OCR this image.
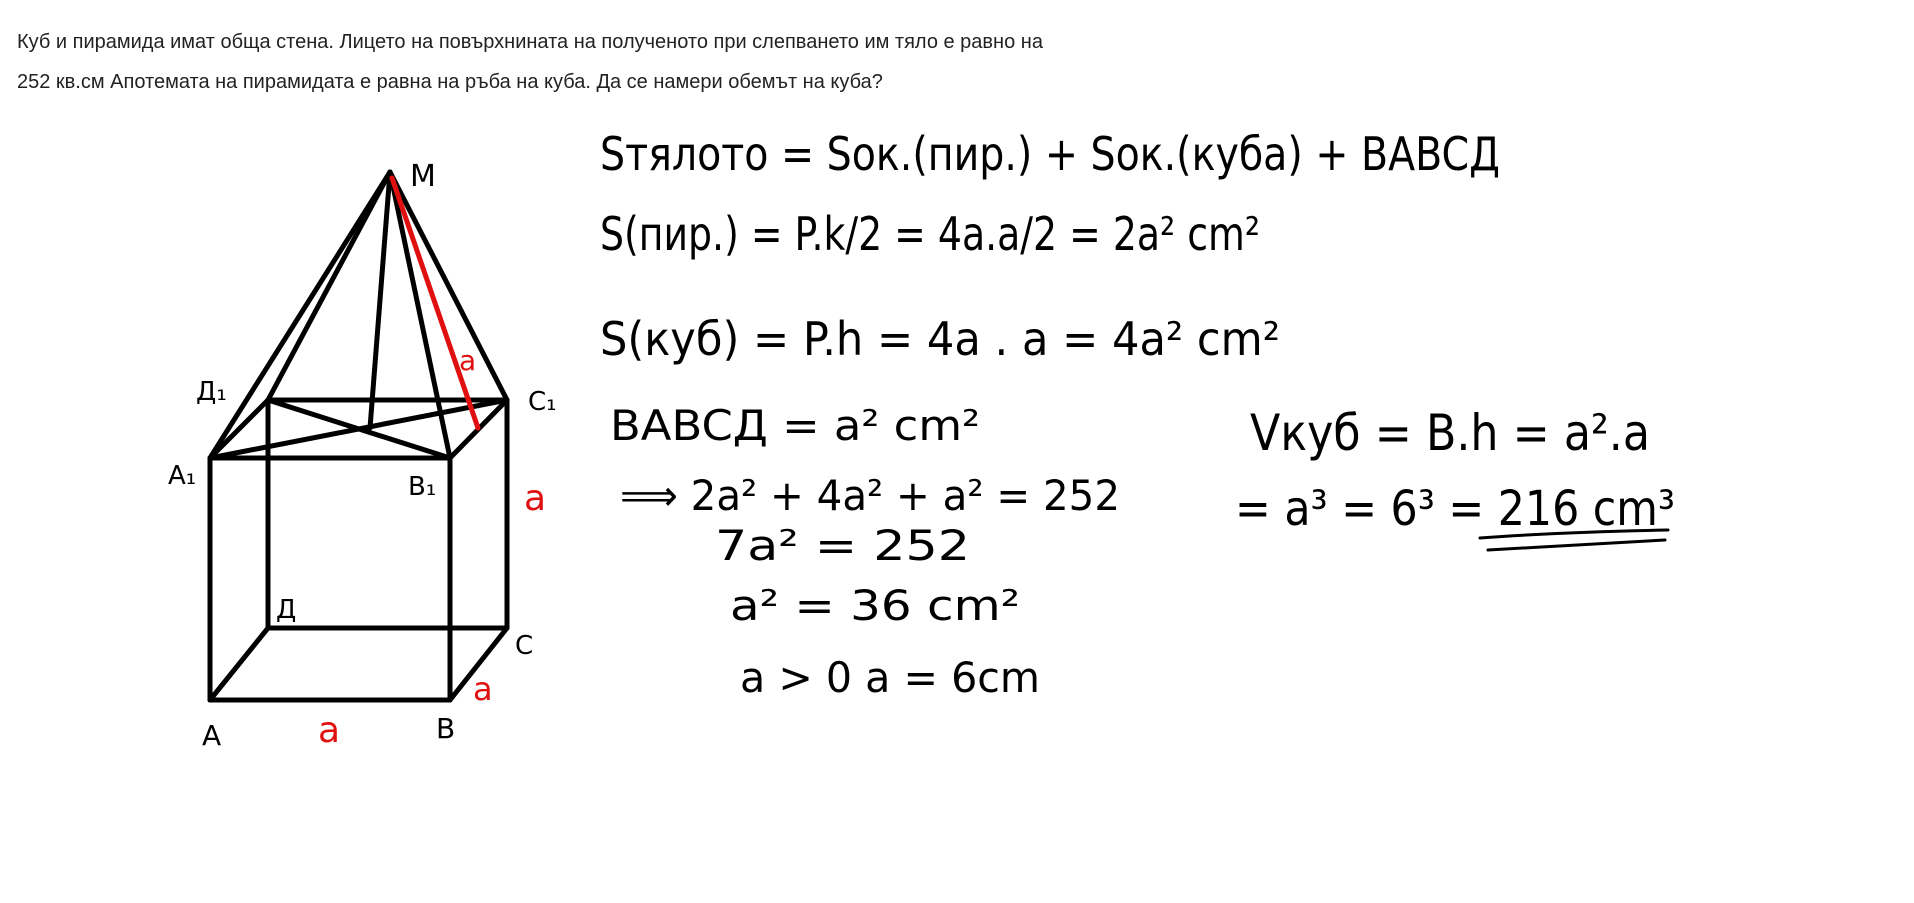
Куб и пирамида имат обща стена. Лицето на повърхнината на полученото при слепването им тяло е равно на

252 кв.см Апотемата на пирамидата е равна на ръба на куба. Да се намери обемът на куба?

M
Д₁	C₁
A₁	B₁
Д
C
A	B
a
a
a
a
Sтялото = Sок.(пир.) + Sок.(куба) + BABCД
S(пир.) = P.k/2 = 4a.a/2 = 2a² cm²
S(куб) = P.h = 4a . a = 4a² cm²
BABCД = a² cm²
⟹ 2a² + 4a² + a² = 252
7a² = 252
a² = 36 cm²
a > 0 a = 6cm
Vкуб = B.h = a².a
= a³ = 6³ = 216 cm³
